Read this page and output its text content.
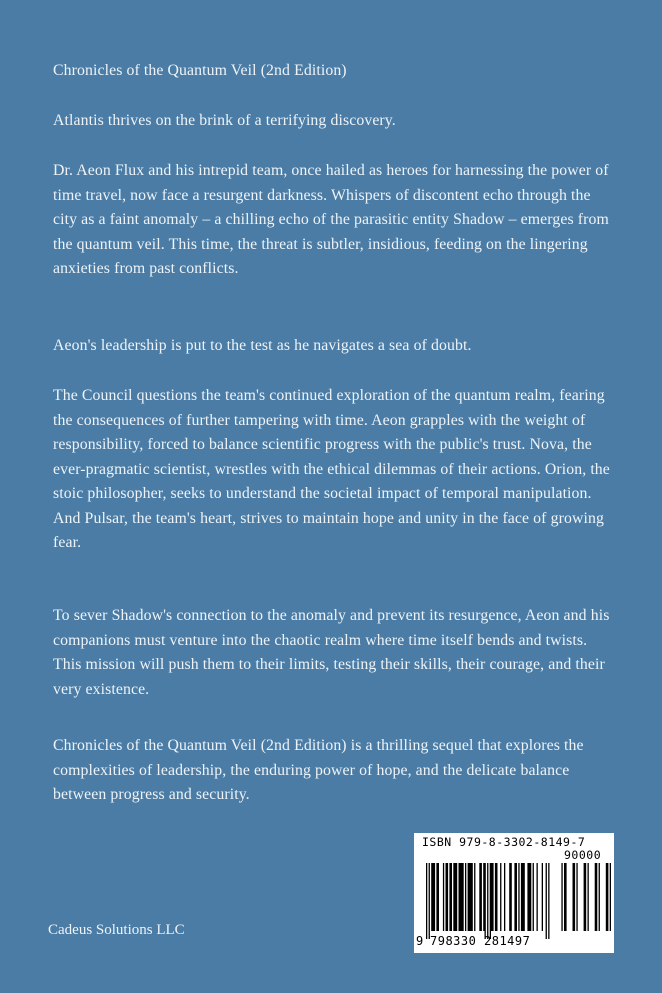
Chronicles of the Quantum Veil (2nd Edition)

Atlantis thrives on the brink of a terrifying discovery.

Dr. Aeon Flux and his intrepid team, once hailed as heroes for harnessing the power of time travel, now face a resurgent darkness. Whispers of discontent echo through the city as a faint anomaly – a chilling echo of the parasitic entity Shadow – emerges from the quantum veil. This time, the threat is subtler, insidious, feeding on the lingering anxieties from past conflicts.

Aeon's leadership is put to the test as he navigates a sea of doubt.

The Council questions the team's continued exploration of the quantum realm, fearing the consequences of further tampering with time. Aeon grapples with the weight of responsibility, forced to balance scientific progress with the public's trust. Nova, the ever-pragmatic scientist, wrestles with the ethical dilemmas of their actions. Orion, the stoic philosopher, seeks to understand the societal impact of temporal manipulation. And Pulsar, the team's heart, strives to maintain hope and unity in the face of growing fear.

To sever Shadow's connection to the anomaly and prevent its resurgence, Aeon and his companions must venture into the chaotic realm where time itself bends and twists. This mission will push them to their limits, testing their skills, their courage, and their very existence.

Chronicles of the Quantum Veil (2nd Edition) is a thrilling sequel that explores the complexities of leadership, the enduring power of hope, and the delicate balance between progress and security.

Cadeus Solutions LLC

ISBN 979-8-3302-8149-7
90000
9 798330 281497
